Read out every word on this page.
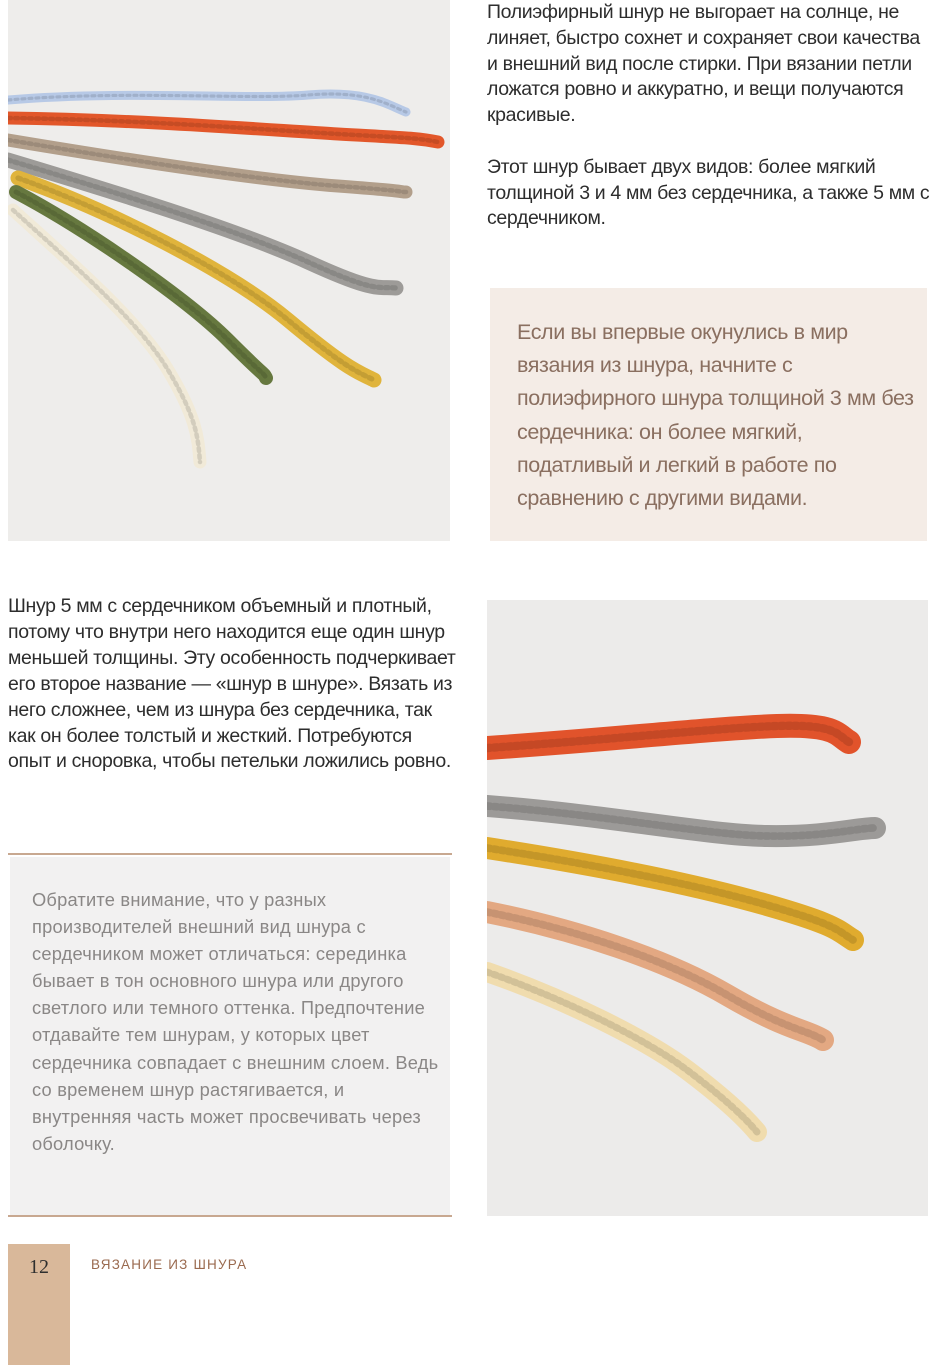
Полиэфирный шнур не выгорает на солнце, не линяет, быстро сохнет и сохраняет свои качества и внешний вид после стирки. При вязании петли ложатся ровно и аккуратно, и вещи получаются красивые.

Этот шнур бывает двух видов: более мягкий толщиной 3 и 4 мм без сердечника, а также 5 мм с сердечником.

Если вы впервые окунулись в мир вязания из шнура, начните с полиэфирного шнура толщиной 3 мм без сердечника: он более мягкий, податливый и легкий в работе по сравнению с другими видами.
Шнур 5 мм с сердечником объемный и плотный, потому что внутри него находится еще один шнур меньшей толщины. Эту особенность подчеркивает его второе название — «шнур в шнуре». Вязать из него сложнее, чем из шнура без сердечника, так как он более толстый и жесткий. Потребуются опыт и сноровка, чтобы петельки ложились ровно.
Обратите внимание, что у разных производителей внешний вид шнура с сердечником может отличаться: серединка бывает в тон основного шнура или другого светлого или темного оттенка. Предпочтение отдавайте тем шнурам, у которых цвет сердечника совпадает с внешним слоем. Ведь со временем шнур растягивается, и внутренняя часть может просвечивать через оболочку.
12	ВЯЗАНИЕ ИЗ ШНУРА
